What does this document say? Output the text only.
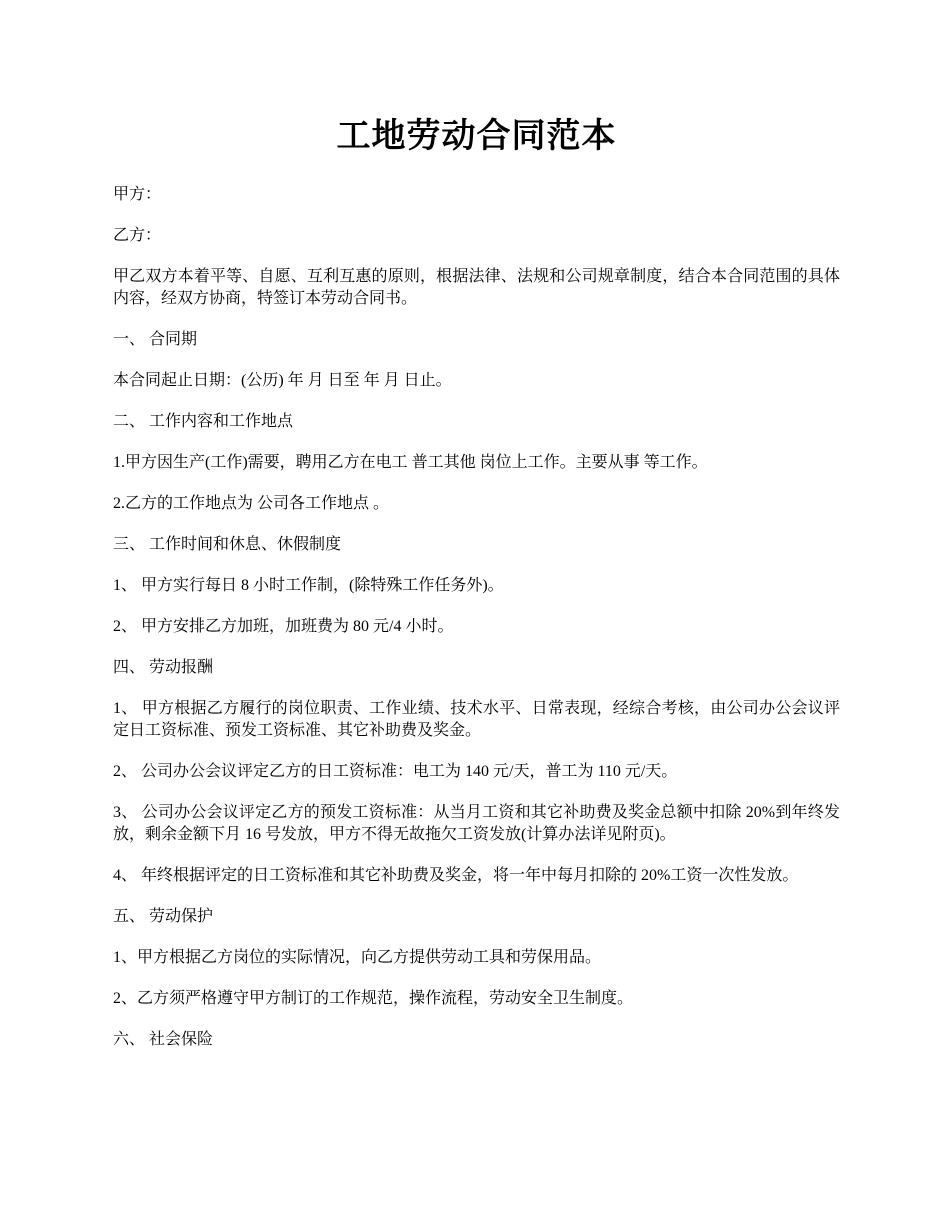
工地劳动合同范本

甲方：

乙方：

甲乙双方本着平等、自愿、互利互惠的原则，根据法律、法规和公司规章制度，结合本合同范围的具体内容，经双方协商，特签订本劳动合同书。

一、 合同期

本合同起止日期：(公历) 年 月 日至 年 月 日止。

二、 工作内容和工作地点

1.甲方因生产(工作)需要，聘用乙方在电工 普工其他 岗位上工作。主要从事 等工作。

2.乙方的工作地点为 公司各工作地点 。

三、 工作时间和休息、休假制度

1、 甲方实行每日 8 小时工作制，(除特殊工作任务外)。

2、 甲方安排乙方加班，加班费为 80 元/4 小时。

四、 劳动报酬

1、 甲方根据乙方履行的岗位职责、工作业绩、技术水平、日常表现，经综合考核，由公司办公会议评定日工资标准、预发工资标准、其它补助费及奖金。

2、 公司办公会议评定乙方的日工资标准：电工为 140 元/天，普工为 110 元/天。

3、 公司办公会议评定乙方的预发工资标准：从当月工资和其它补助费及奖金总额中扣除 20%到年终发放，剩余金额下月 16 号发放，甲方不得无故拖欠工资发放(计算办法详见附页)。

4、 年终根据评定的日工资标准和其它补助费及奖金，将一年中每月扣除的 20%工资一次性发放。

五、 劳动保护

1、甲方根据乙方岗位的实际情况，向乙方提供劳动工具和劳保用品。

2、乙方须严格遵守甲方制订的工作规范，操作流程，劳动安全卫生制度。

六、 社会保险
